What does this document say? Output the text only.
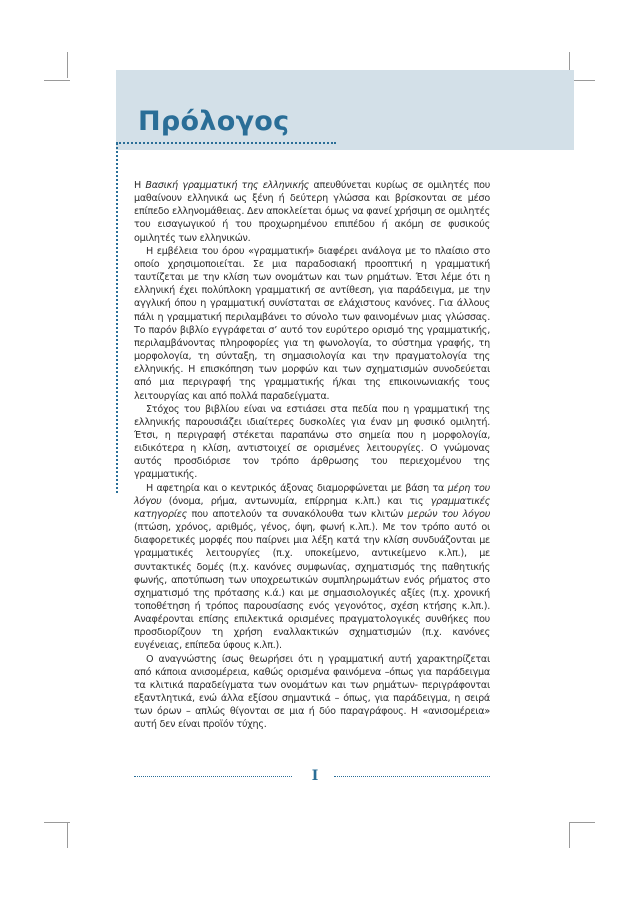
Πρόλογος

Η Βασική γραμματική της ελληνικής απευθύνεται κυρίως σε ομιλητές που μαθαίνουν ελληνικά ως ξένη ή δεύτερη γλώσσα και βρίσκονται σε μέσο επίπεδο ελληνομάθειας. Δεν αποκλείεται όμως να φανεί χρήσιμη σε ομιλητές του εισαγωγικού ή του προχωρημένου επιπέδου ή ακόμη σε φυσικούς ομιλητές των ελληνικών.

Η εμβέλεια του όρου «γραμματική» διαφέρει ανάλογα με το πλαίσιο στο οποίο χρησιμοποιείται. Σε μια παραδοσιακή προοπτική η γραμματική ταυτίζεται με την κλίση των ονομάτων και των ρημάτων. Έτσι λέμε ότι η ελληνική έχει πολύπλοκη γραμματική σε αντίθεση, για παράδειγμα, με την αγγλική όπου η γραμματική συνίσταται σε ελάχιστους κανόνες. Για άλλους πάλι η γραμματική περιλαμβάνει το σύνολο των φαινομένων μιας γλώσσας. Το παρόν βιβλίο εγγράφεται σ’ αυτό τον ευρύτερο ορισμό της γραμματικής, περιλαμβάνοντας πληροφορίες για τη φωνολογία, το σύστημα γραφής, τη μορφολογία, τη σύνταξη, τη σημασιολογία και την πραγματολογία της ελληνικής. Η επισκόπηση των μορφών και των σχηματισμών συνοδεύεται από μια περιγραφή της γραμματικής ή/και της επικοινωνιακής τους λειτουργίας και από πολλά παραδείγματα.

Στόχος του βιβλίου είναι να εστιάσει στα πεδία που η γραμματική της ελληνικής παρουσιάζει ιδιαίτερες δυσκολίες για έναν μη φυσικό ομιλητή. Έτσι, η περιγραφή στέκεται παραπάνω στο σημεία που η μορφολογία, ειδικότερα η κλίση, αντιστοιχεί σε ορισμένες λειτουργίες. Ο γνώμονας αυτός προσδιόρισε τον τρόπο άρθρωσης του περιεχομένου της γραμματικής.

Η αφετηρία και ο κεντρικός άξονας διαμορφώνεται με βάση τα μέρη του λόγου (όνομα, ρήμα, αντωνυμία, επίρρημα κ.λπ.) και τις γραμματικές κατηγορίες που αποτελούν τα συνακόλουθα των κλιτών μερών του λόγου (πτώση, χρόνος, αριθμός, γένος, όψη, φωνή κ.λπ.). Με τον τρόπο αυτό οι διαφορετικές μορφές που παίρνει μια λέξη κατά την κλίση συνδυάζονται με γραμματικές λειτουργίες (π.χ. υποκείμενο, αντικείμενο κ.λπ.), με συντακτικές δομές (π.χ. κανόνες συμφωνίας, σχηματισμός της παθητικής φωνής, αποτύπωση των υποχρεωτικών συμπληρωμάτων ενός ρήματος στο σχηματισμό της πρότασης κ.ά.) και με σημασιολογικές αξίες (π.χ. χρονική τοποθέτηση ή τρόπος παρουσίασης ενός γεγονότος, σχέση κτήσης κ.λπ.). Αναφέρονται επίσης επιλεκτικά ορισμένες πραγματολογικές συνθήκες που προσδιορίζουν τη χρήση εναλλακτικών σχηματισμών (π.χ. κανόνες ευγένειας, επίπεδα ύφους κ.λπ.).

Ο αναγνώστης ίσως θεωρήσει ότι η γραμματική αυτή χαρακτηρίζεται από κάποια ανισομέρεια, καθώς ορισμένα φαινόμενα –όπως για παράδειγμα τα κλιτικά παραδείγματα των ονομάτων και των ρημάτων- περιγράφονται εξαντλητικά, ενώ άλλα εξίσου σημαντικά – όπως, για παράδειγμα, η σειρά των όρων – απλώς θίγονται σε μια ή δύο παραγράφους. Η «ανισομέρεια» αυτή δεν είναι προϊόν τύχης.

I
